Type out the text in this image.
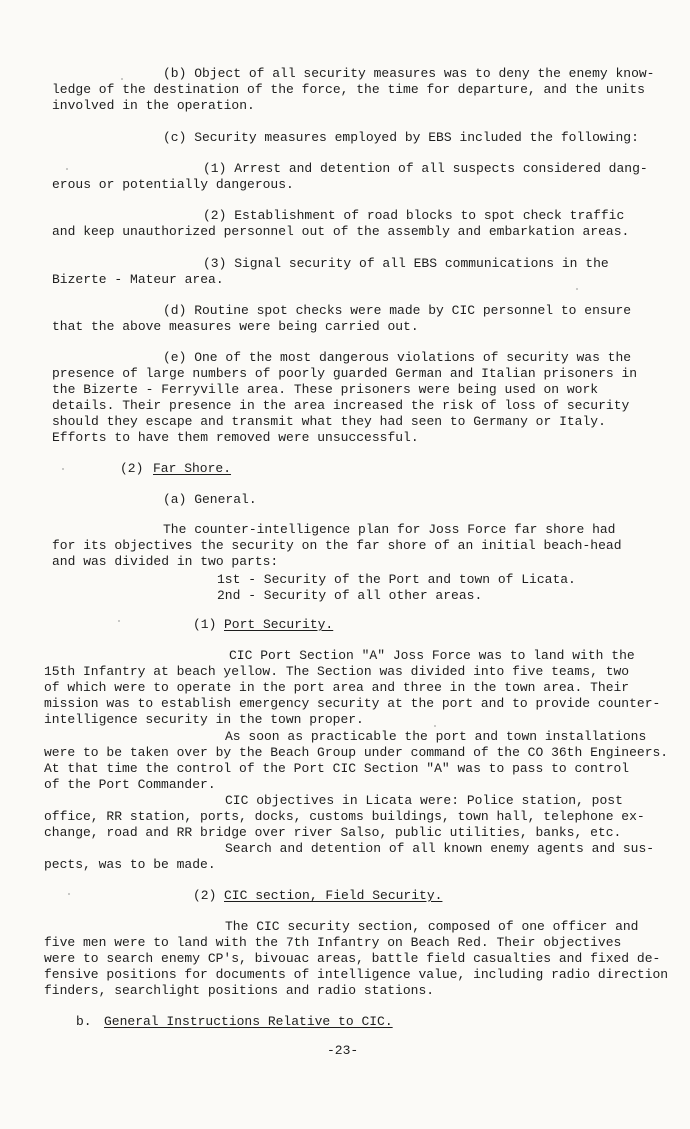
(b) Object of all security measures was to deny the enemy know-
ledge of the destination of the force, the time for departure, and the units
involved in the operation.
(c) Security measures employed by EBS included the following:
(1) Arrest and detention of all suspects considered dang-
erous or potentially dangerous.
(2) Establishment of road blocks to spot check traffic
and keep unauthorized personnel out of the assembly and embarkation areas.
(3) Signal security of all EBS communications in the
Bizerte - Mateur area.
(d) Routine spot checks were made by CIC personnel to ensure
that the above measures were being carried out.
(e) One of the most dangerous violations of security was the
presence of large numbers of poorly guarded German and Italian prisoners in
the Bizerte - Ferryville area. These prisoners were being used on work
details. Their presence in the area increased the risk of loss of security
should they escape and transmit what they had seen to Germany or Italy.
Efforts to have them removed were unsuccessful.
(2) Far Shore.
(a) General.
The counter-intelligence plan for Joss Force far shore had
for its objectives the security on the far shore of an initial beach-head
and was divided in two parts:
1st - Security of the Port and town of Licata.
2nd - Security of all other areas.
(1) Port Security.
CIC Port Section "A" Joss Force was to land with the
15th Infantry at beach yellow. The Section was divided into five teams, two
of which were to operate in the port area and three in the town area. Their
mission was to establish emergency security at the port and to provide counter-
intelligence security in the town proper.
As soon as practicable the port and town installations
were to be taken over by the Beach Group under command of the CO 36th Engineers.
At that time the control of the Port CIC Section "A" was to pass to control
of the Port Commander.
CIC objectives in Licata were: Police station, post
office, RR station, ports, docks, customs buildings, town hall, telephone ex-
change, road and RR bridge over river Salso, public utilities, banks, etc.
Search and detention of all known enemy agents and sus-
pects, was to be made.
(2) CIC section, Field Security.
The CIC security section, composed of one officer and
five men were to land with the 7th Infantry on Beach Red. Their objectives
were to search enemy CP's, bivouac areas, battle field casualties and fixed de-
fensive positions for documents of intelligence value, including radio direction
finders, searchlight positions and radio stations.
b. General Instructions Relative to CIC.
-23-
